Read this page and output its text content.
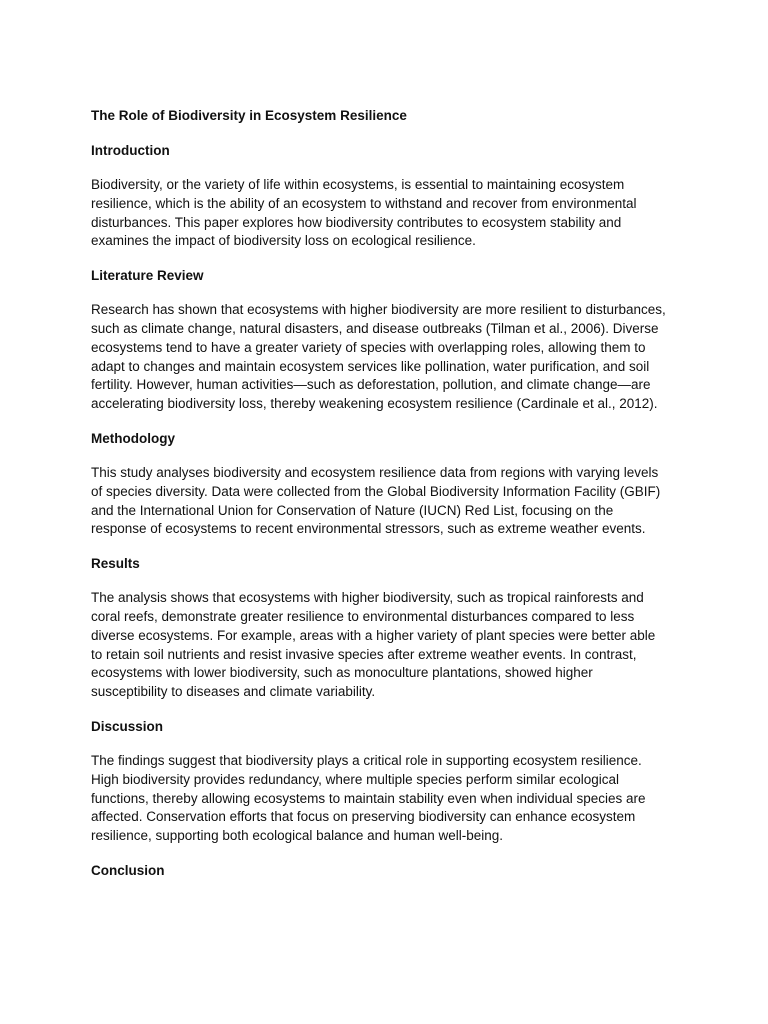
The Role of Biodiversity in Ecosystem Resilience
Introduction

Biodiversity, or the variety of life within ecosystems, is essential to maintaining ecosystem
resilience, which is the ability of an ecosystem to withstand and recover from environmental
disturbances. This paper explores how biodiversity contributes to ecosystem stability and
examines the impact of biodiversity loss on ecological resilience.

Literature Review

Research has shown that ecosystems with higher biodiversity are more resilient to disturbances,
such as climate change, natural disasters, and disease outbreaks (Tilman et al., 2006). Diverse
ecosystems tend to have a greater variety of species with overlapping roles, allowing them to
adapt to changes and maintain ecosystem services like pollination, water purification, and soil
fertility. However, human activities—such as deforestation, pollution, and climate change—are
accelerating biodiversity loss, thereby weakening ecosystem resilience (Cardinale et al., 2012).

Methodology

This study analyses biodiversity and ecosystem resilience data from regions with varying levels
of species diversity. Data were collected from the Global Biodiversity Information Facility (GBIF)
and the International Union for Conservation of Nature (IUCN) Red List, focusing on the
response of ecosystems to recent environmental stressors, such as extreme weather events.

Results

The analysis shows that ecosystems with higher biodiversity, such as tropical rainforests and
coral reefs, demonstrate greater resilience to environmental disturbances compared to less
diverse ecosystems. For example, areas with a higher variety of plant species were better able
to retain soil nutrients and resist invasive species after extreme weather events. In contrast,
ecosystems with lower biodiversity, such as monoculture plantations, showed higher
susceptibility to diseases and climate variability.

Discussion

The findings suggest that biodiversity plays a critical role in supporting ecosystem resilience.
High biodiversity provides redundancy, where multiple species perform similar ecological
functions, thereby allowing ecosystems to maintain stability even when individual species are
affected. Conservation efforts that focus on preserving biodiversity can enhance ecosystem
resilience, supporting both ecological balance and human well-being.

Conclusion
